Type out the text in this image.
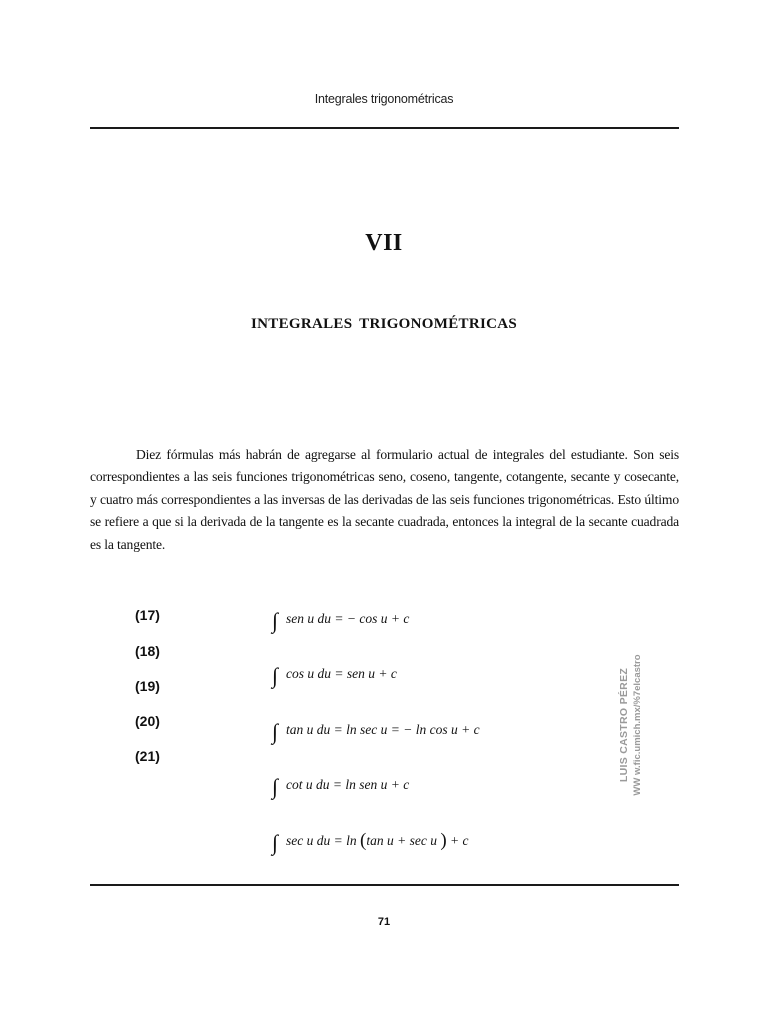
Integrales trigonométricas
VII
INTEGRALES TRIGONOMÉTRICAS

Diez fórmulas más habrán de agregarse al formulario actual de integrales del estudiante. Son seis correspondientes a las seis funciones trigonométricas seno, coseno, tangente, cotangente, secante y cosecante, y cuatro más correspondientes a las inversas de las derivadas de las seis funciones trigonométricas. Esto último se refiere a que si la derivada de la tangente es la secante cuadrada, entonces la integral de la secante cuadrada es la tangente.

(17)
(18)
(19)
(20)
(21)
∫ sen u du = − cos u + c
∫ cos u du = sen u + c
∫ tan u du = ln sec u = − ln cos u + c
∫ cot u du = ln sen u + c
∫ sec u du = ln (tan u + sec u ) + c
LUIS CASTRO PÉREZ WW w.fic.umich.mx/%7elcastro
71
